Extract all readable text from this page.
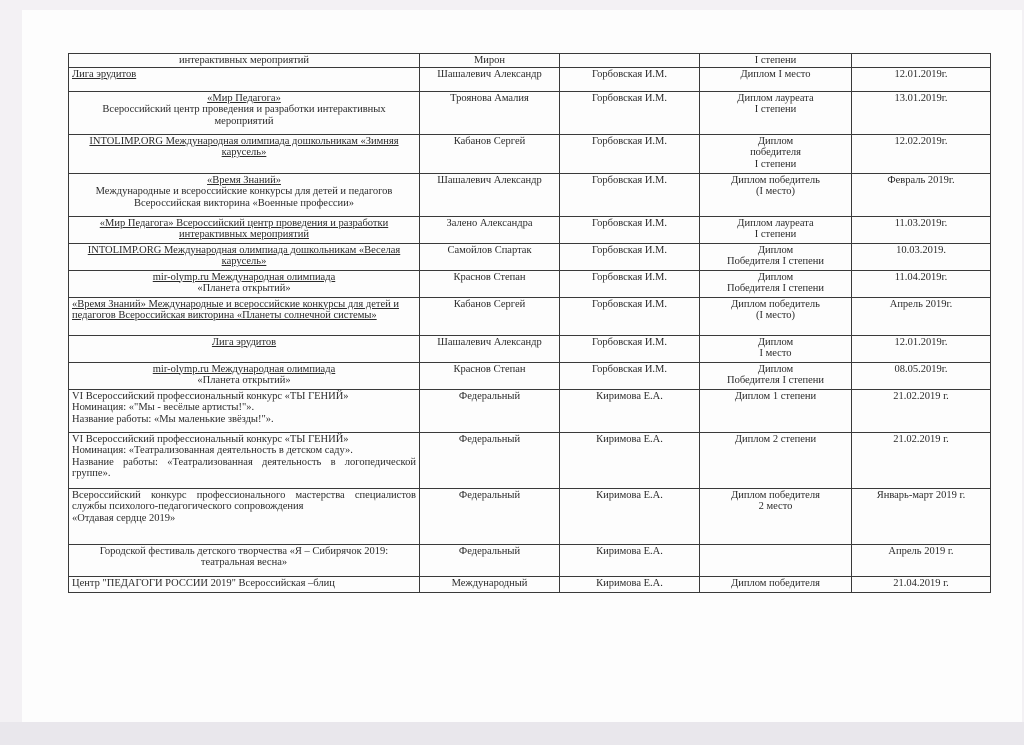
интерактивных мероприятий	Мирон		I степени	

Лига эрудитов	Шашалевич Александр	Горбовская И.М.	Диплом I место	12.01.2019г.

«Мир Педагога»
Всероссийский центр проведения и разработки интерактивных мероприятий	Троянова Амалия	Горбовская И.М.	Диплом лауреата
I степени	13.01.2019г.

INTOLIMP.ORG Международная олимпиада дошкольникам «Зимняя карусель»	Кабанов Сергей	Горбовская И.М.	Диплом
победителя
I степени	12.02.2019г.

«Время Знаний»
Международные и всероссийские конкурсы для детей и педагогов Всероссийская викторина «Военные профессии»	Шашалевич Александр	Горбовская И.М.	Диплом победитель
(I место)	Февраль 2019г.

«Мир Педагога» Всероссийский центр проведения и разработки интерактивных мероприятий	Залено Александра	Горбовская И.М.	Диплом лауреата
I степени	11.03.2019г.

INTOLIMP.ORG Международная олимпиада дошкольникам «Веселая карусель»	Самойлов Спартак	Горбовская И.М.	Диплом
Победителя I степени	10.03.2019.

mir-olymp.ru Международная олимпиада
«Планета открытий»	Краснов Степан	Горбовская И.М.	Диплом
Победителя I степени	11.04.2019г.

«Время Знаний» Международные и всероссийские конкурсы для детей и педагогов Всероссийская викторина «Планеты солнечной системы»	Кабанов Сергей	Горбовская И.М.	Диплом победитель
(I место)	Апрель 2019г.

Лига эрудитов	Шашалевич Александр	Горбовская И.М.	Диплом
I место	12.01.2019г.

mir-olymp.ru Международная олимпиада
«Планета открытий»	Краснов Степан	Горбовская И.М.	Диплом
Победителя I степени	08.05.2019г.

VI Всероссийский профессиональный конкурс «ТЫ ГЕНИЙ»
Номинация: «"Мы - весёлые артисты!"».
Название работы: «Мы маленькие звёзды!"».	Федеральный	Киримова Е.А.	Диплом 1 степени	21.02.2019 г.

VI Всероссийский профессиональный конкурс «ТЫ ГЕНИЙ»
Номинация: «Театрализованная деятельность в детском саду».
Название работы: «Театрализованная деятельность в логопедической группе».	Федеральный	Киримова Е.А.	Диплом 2 степени	21.02.2019 г.

Всероссийский конкурс профессионального мастерства специалистов службы психолого-педагогического сопровождения
«Отдавая сердце 2019»	Федеральный	Киримова Е.А.	Диплом победителя
2 место	Январь-март 2019 г.

Городской фестиваль детского творчества «Я – Сибирячок 2019: театральная весна»	Федеральный	Киримова Е.А.		Апрель 2019 г.

Центр "ПЕДАГОГИ РОССИИ 2019" Всероссийская –блиц	Международный	Киримова Е.А.	Диплом победителя	21.04.2019 г.
